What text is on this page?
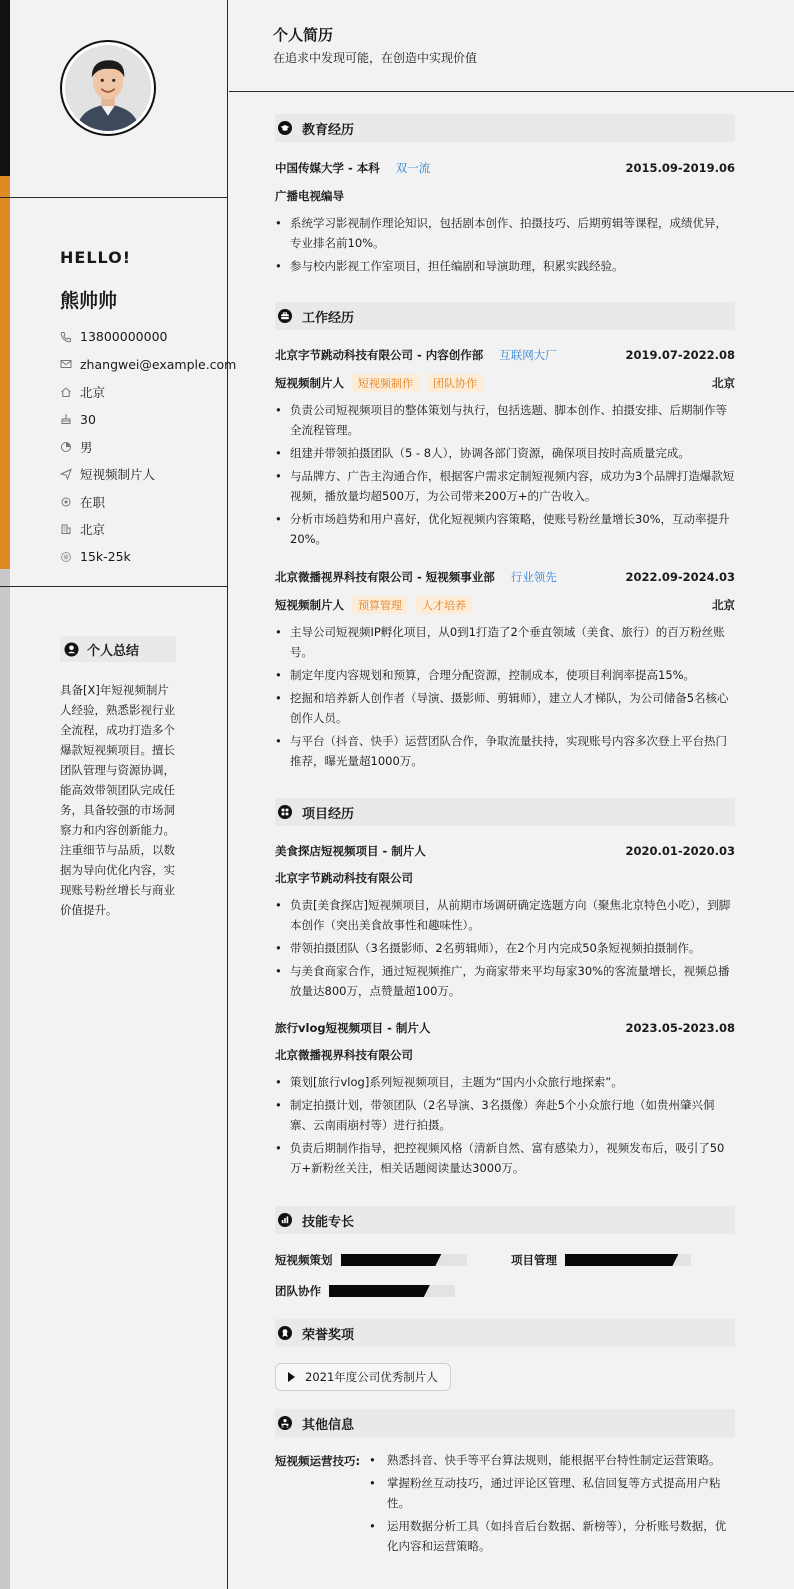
HELLO!
熊帅帅
13800000000
zhangwei@example.com
北京
30
男
短视频制片人
在职
北京
15k-25k
个人总结
具备[X]年短视频制片人经验，熟悉影视行业全流程，成功打造多个爆款短视频项目。擅长团队管理与资源协调，能高效带领团队完成任务，具备较强的市场洞察力和内容创新能力。注重细节与品质，以数据为导向优化内容，实现账号粉丝增长与商业价值提升。
个人简历
在追求中发现可能，在创造中实现价值
教育经历
中国传媒大学 - 本科 双一流	2015.09-2019.06
广播电视编导
• 系统学习影视制作理论知识，包括剧本创作、拍摄技巧、后期剪辑等课程，成绩优异，专业排名前10%。
• 参与校内影视工作室项目，担任编剧和导演助理，积累实践经验。
工作经历
北京字节跳动科技有限公司 - 内容创作部 互联网大厂	2019.07-2022.08
短视频制片人	短视频制作	团队协作	北京
• 负责公司短视频项目的整体策划与执行，包括选题、脚本创作、拍摄安排、后期制作等全流程管理。
• 组建并带领拍摄团队（5 - 8人），协调各部门资源，确保项目按时高质量完成。
• 与品牌方、广告主沟通合作，根据客户需求定制短视频内容，成功为3个品牌打造爆款短视频，播放量均超500万，为公司带来200万+的广告收入。
• 分析市场趋势和用户喜好，优化短视频内容策略，使账号粉丝量增长30%，互动率提升20%。
北京微播视界科技有限公司 - 短视频事业部 行业领先	2022.09-2024.03
短视频制片人	预算管理	人才培养	北京
• 主导公司短视频IP孵化项目，从0到1打造了2个垂直领域（美食、旅行）的百万粉丝账号。
• 制定年度内容规划和预算，合理分配资源，控制成本，使项目利润率提高15%。
• 挖掘和培养新人创作者（导演、摄影师、剪辑师），建立人才梯队，为公司储备5名核心创作人员。
• 与平台（抖音、快手）运营团队合作，争取流量扶持，实现账号内容多次登上平台热门推荐，曝光量超1000万。
项目经历
美食探店短视频项目 - 制片人	2020.01-2020.03
北京字节跳动科技有限公司
• 负责[美食探店]短视频项目，从前期市场调研确定选题方向（聚焦北京特色小吃），到脚本创作（突出美食故事性和趣味性）。
• 带领拍摄团队（3名摄影师、2名剪辑师），在2个月内完成50条短视频拍摄制作。
• 与美食商家合作，通过短视频推广，为商家带来平均每家30%的客流量增长，视频总播放量达800万，点赞量超100万。
旅行vlog短视频项目 - 制片人	2023.05-2023.08
北京微播视界科技有限公司
• 策划[旅行vlog]系列短视频项目，主题为“国内小众旅行地探索”。
• 制定拍摄计划，带领团队（2名导演、3名摄像）奔赴5个小众旅行地（如贵州肇兴侗寨、云南雨崩村等）进行拍摄。
• 负责后期制作指导，把控视频风格（清新自然、富有感染力），视频发布后，吸引了50万+新粉丝关注，相关话题阅读量达3000万。
技能专长
短视频策划	项目管理
团队协作
荣誉奖项
2021年度公司优秀制片人
其他信息
短视频运营技巧:
•	熟悉抖音、快手等平台算法规则，能根据平台特性制定运营策略。
• 掌握粉丝互动技巧，通过评论区管理、私信回复等方式提高用户粘性。
• 运用数据分析工具（如抖音后台数据、新榜等），分析账号数据，优化内容和运营策略。
